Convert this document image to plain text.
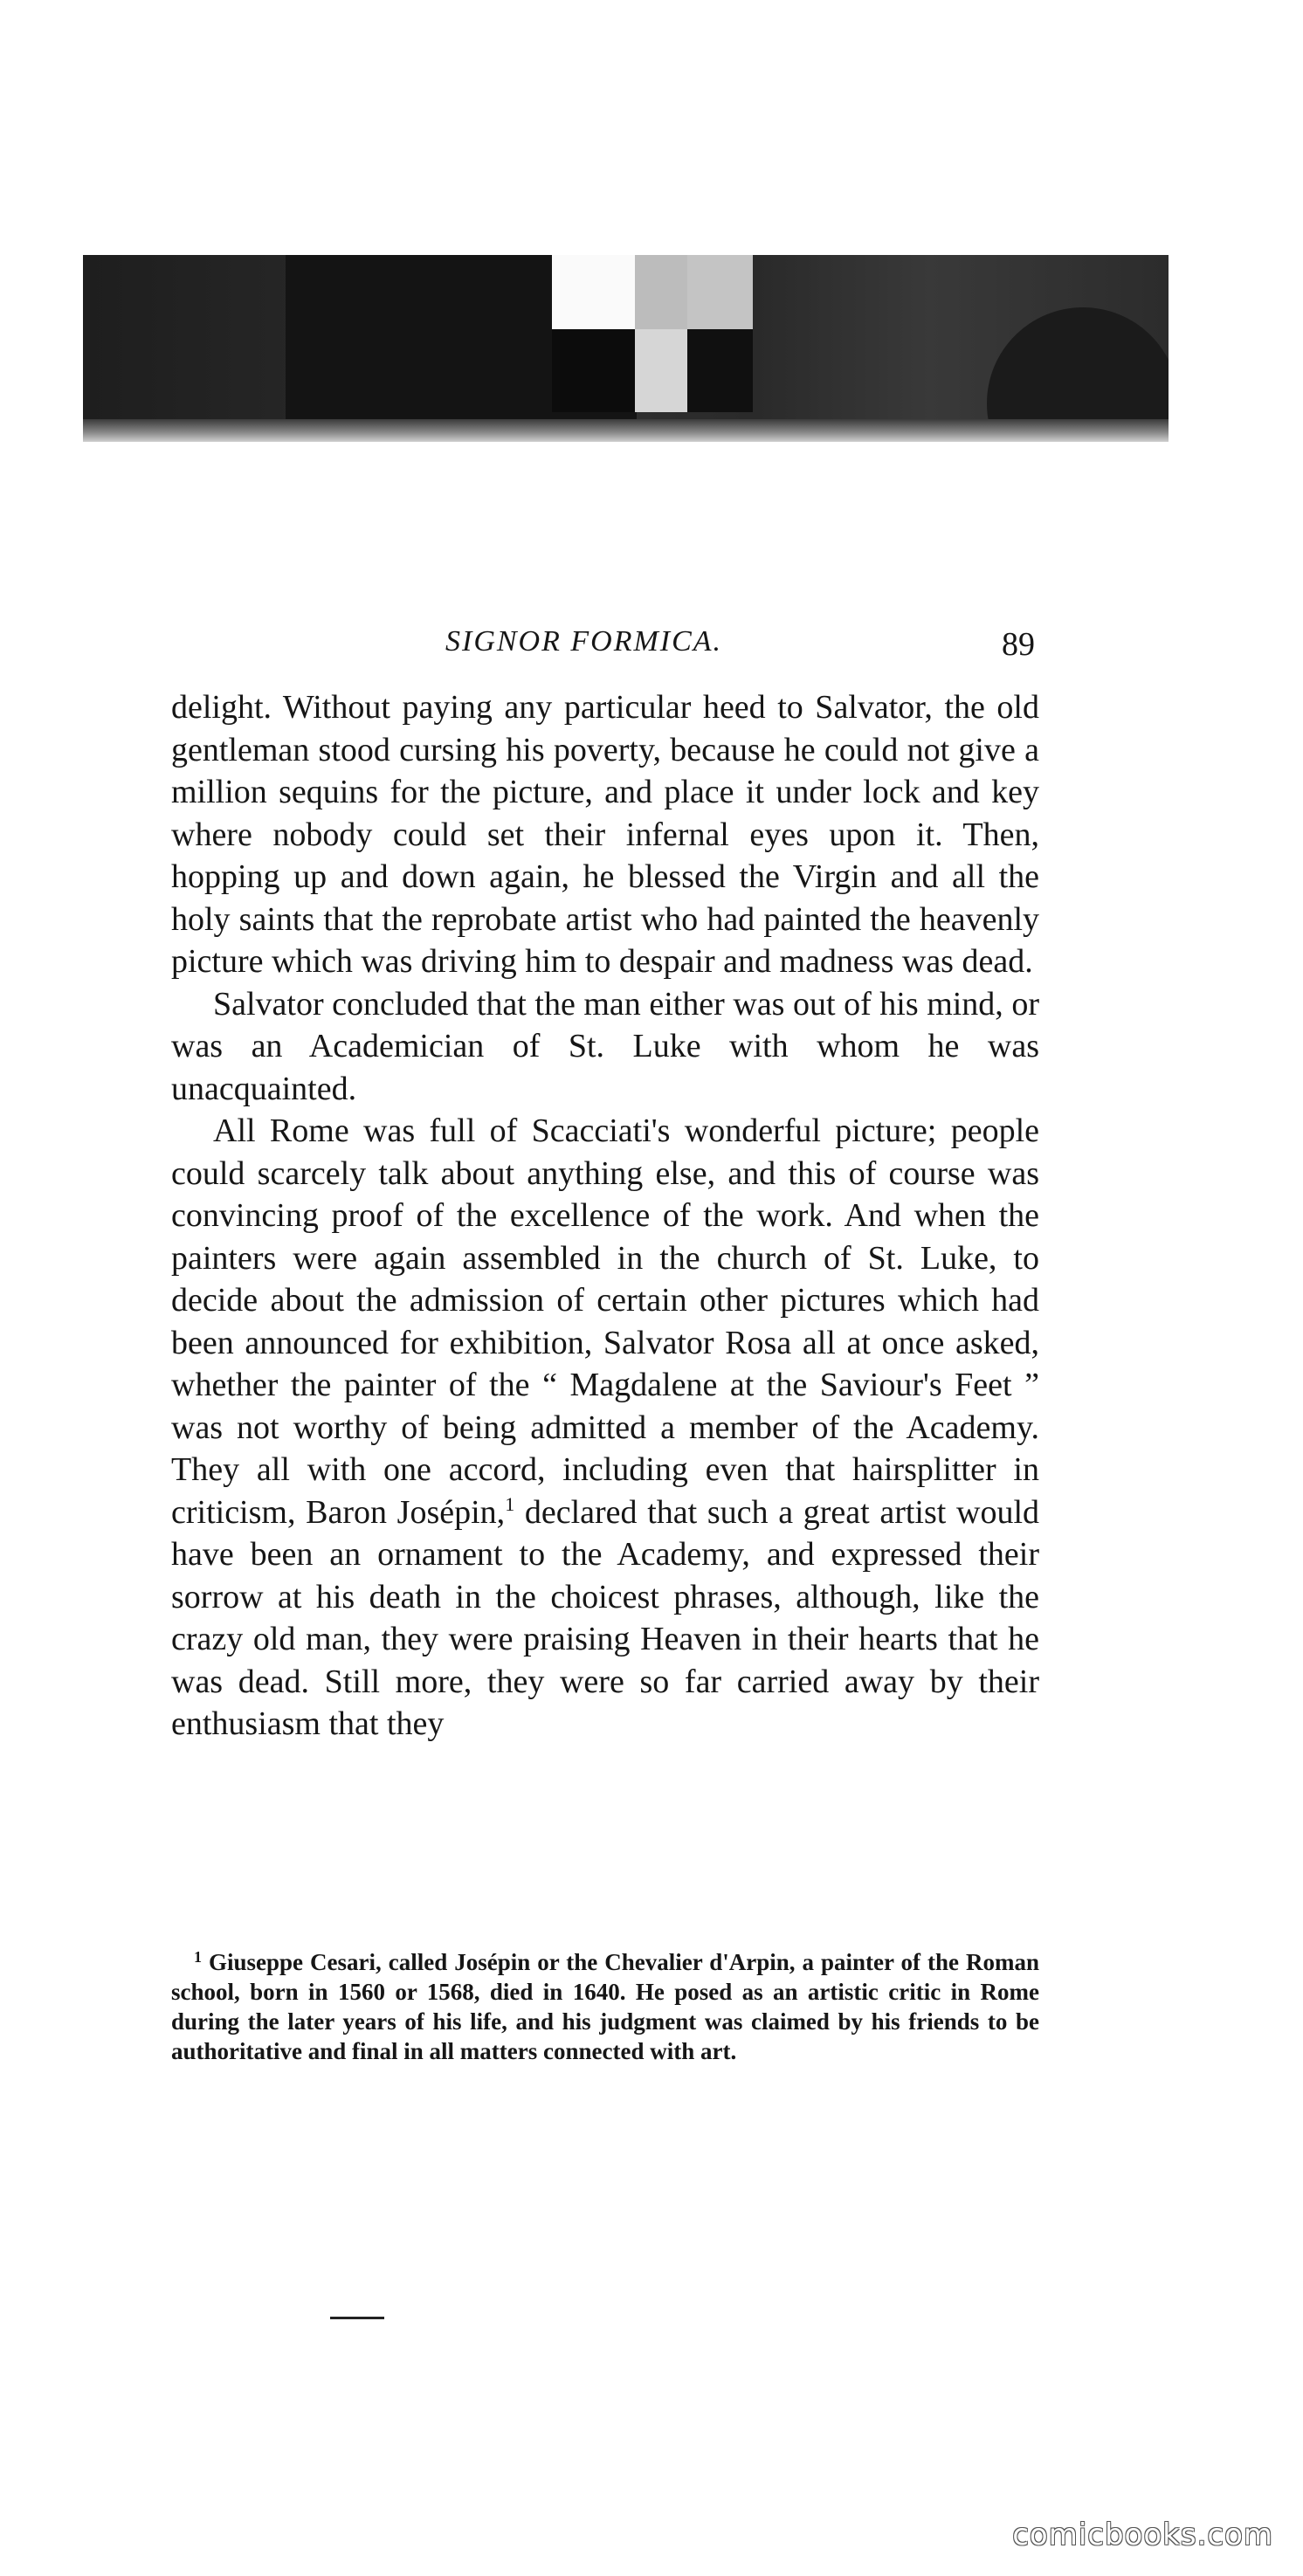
SIGNOR FORMICA.	89

delight. Without paying any particular heed to Salvator, the old gentleman stood cursing his poverty, because he could not give a million sequins for the picture, and place it under lock and key where nobody could set their infernal eyes upon it. Then, hopping up and down again, he blessed the Virgin and all the holy saints that the reprobate artist who had painted the heavenly picture which was driving him to despair and madness was dead.

Salvator concluded that the man either was out of his mind, or was an Academician of St. Luke with whom he was unacquainted.

All Rome was full of Scacciati's wonderful picture; people could scarcely talk about anything else, and this of course was convincing proof of the excellence of the work. And when the painters were again assembled in the church of St. Luke, to decide about the admission of certain other pictures which had been announced for exhibition, Salvator Rosa all at once asked, whether the painter of the “ Magdalene at the Saviour's Feet ” was not worthy of being admitted a member of the Academy. They all with one accord, including even that hairsplitter in criticism, Baron Josépin,$^1$ declared that such a great artist would have been an ornament to the Academy, and expressed their sorrow at his death in the choicest phrases, although, like the crazy old man, they were praising Heaven in their hearts that he was dead. Still more, they were so far carried away by their enthusiasm that they

$^1$ Giuseppe Cesari, called Josépin or the Chevalier d'Arpin, a painter of the Roman school, born in 1560 or 1568, died in 1640. He posed as an artistic critic in Rome during the later years of his life, and his judgment was claimed by his friends to be authoritative and final in all matters connected with art.

comicbooks.com
